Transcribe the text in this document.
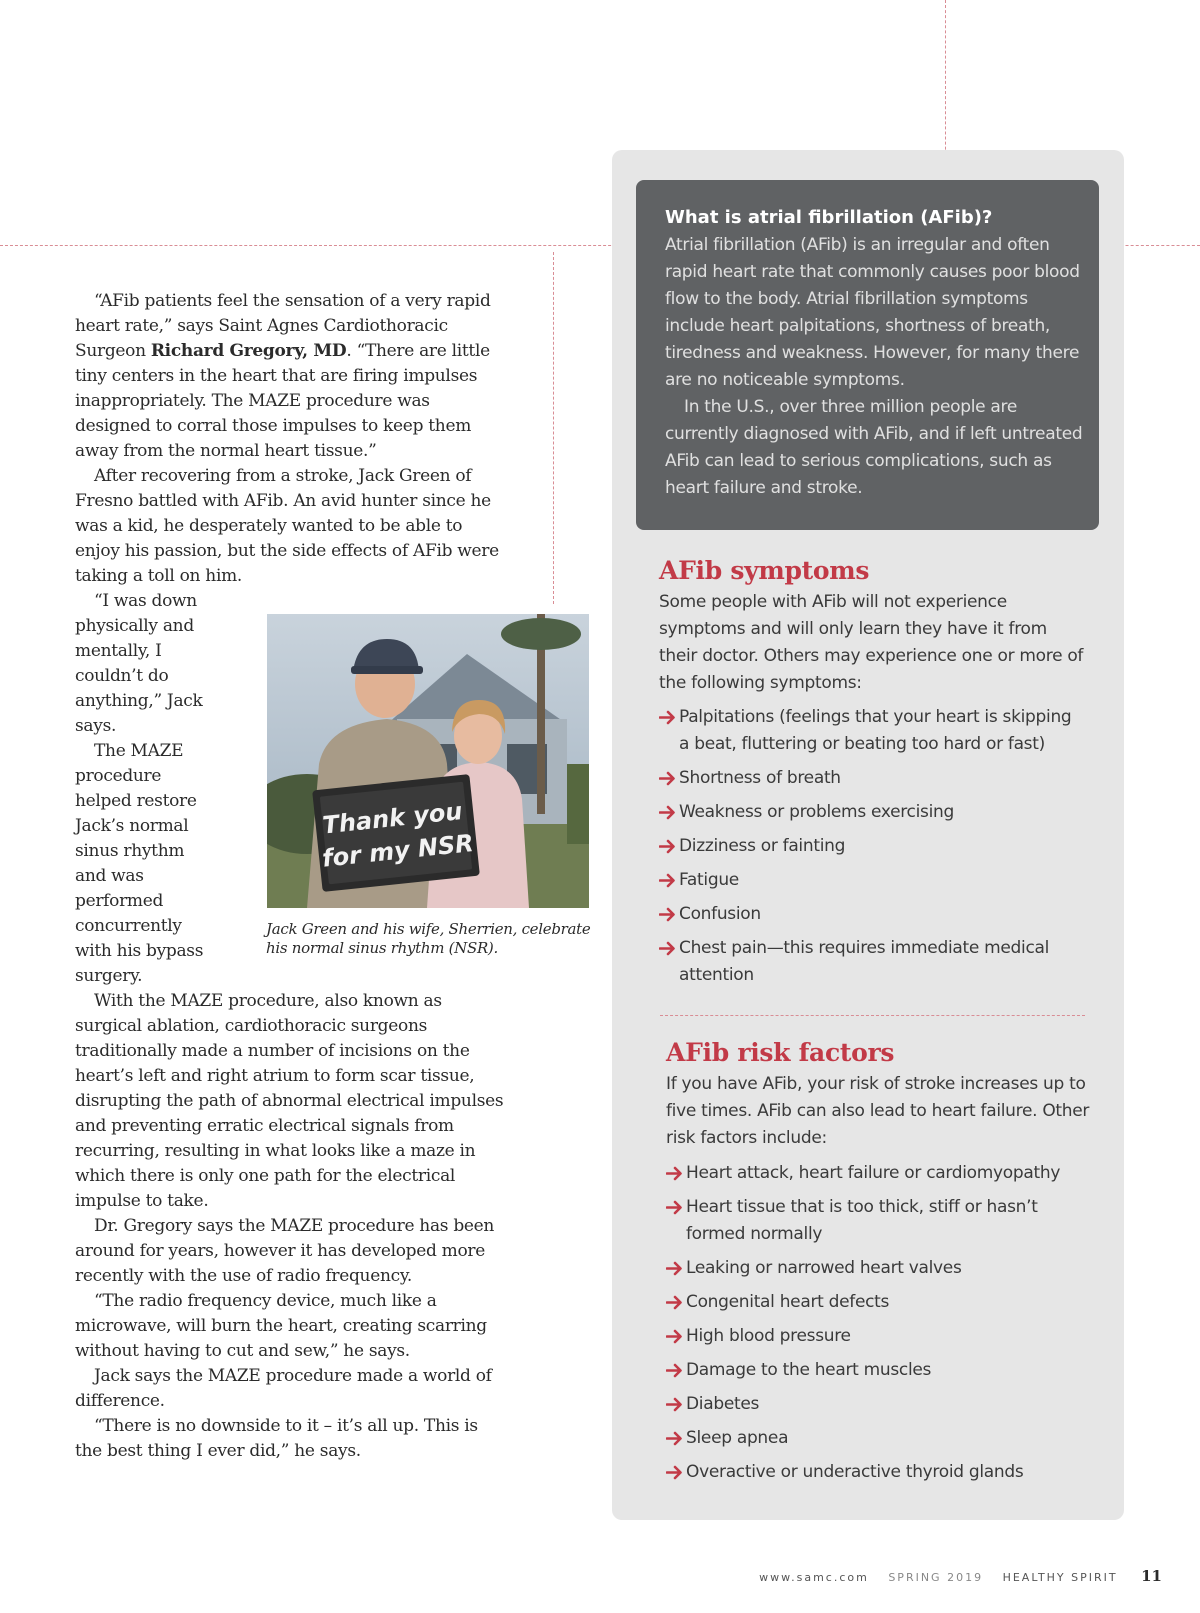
“AFib patients feel the sensation of a very rapid heart rate,” says Saint Agnes Cardiothoracic Surgeon Richard Gregory, MD. “There are little tiny centers in the heart that are firing impulses inappropriately. The MAZE procedure was designed to corral those impulses to keep them away from the normal heart tissue.”

After recovering from a stroke, Jack Green of Fresno battled with AFib. An avid hunter since he was a kid, he desperately wanted to be able to enjoy his passion, but the side effects of AFib were taking a toll on him.

“I was down physically and mentally, I couldn’t do anything,” Jack says.

The MAZE procedure helped restore Jack’s normal sinus rhythm and was performed concurrently with his bypass surgery.

With the MAZE procedure, also known as surgical ablation, cardiothoracic surgeons traditionally made a number of incisions on the heart’s left and right atrium to form scar tissue, disrupting the path of abnormal electrical impulses and preventing erratic electrical signals from recurring, resulting in what looks like a maze in which there is only one path for the electrical impulse to take.

Dr. Gregory says the MAZE procedure has been around for years, however it has developed more recently with the use of radio frequency.

“The radio frequency device, much like a microwave, will burn the heart, creating scarring without having to cut and sew,” he says.

Jack says the MAZE procedure made a world of difference.

“There is no downside to it – it’s all up. This is the best thing I ever did,” he says.

Thank you
for my NSR
Jack Green and his wife, Sherrien, celebrate his normal sinus rhythm (NSR).
What is atrial fibrillation (AFib)?

Atrial fibrillation (AFib) is an irregular and often rapid heart rate that commonly causes poor blood flow to the body. Atrial fibrillation symptoms include heart palpitations, shortness of breath, tiredness and weakness. However, for many there are no noticeable symptoms.

In the U.S., over three million people are currently diagnosed with AFib, and if left untreated AFib can lead to serious complications, such as heart failure and stroke.

AFib symptoms
Some people with AFib will not experience symptoms and will only learn they have it from their doctor. Others may experience one or more of the following symptoms:
Palpitations (feelings that your heart is skipping a beat, fluttering or beating too hard or fast)
Shortness of breath
Weakness or problems exercising
Dizziness or fainting
Fatigue
Confusion
Chest pain—this requires immediate medical attention
AFib risk factors
If you have AFib, your risk of stroke increases up to five times. AFib can also lead to heart failure. Other risk factors include:
Heart attack, heart failure or cardiomyopathy
Heart tissue that is too thick, stiff or hasn’t formed normally
Leaking or narrowed heart valves
Congenital heart defects
High blood pressure
Damage to the heart muscles
Diabetes
Sleep apnea
Overactive or underactive thyroid glands
www.samc.com SPRING 2019 HEALTHY SPIRIT 11
